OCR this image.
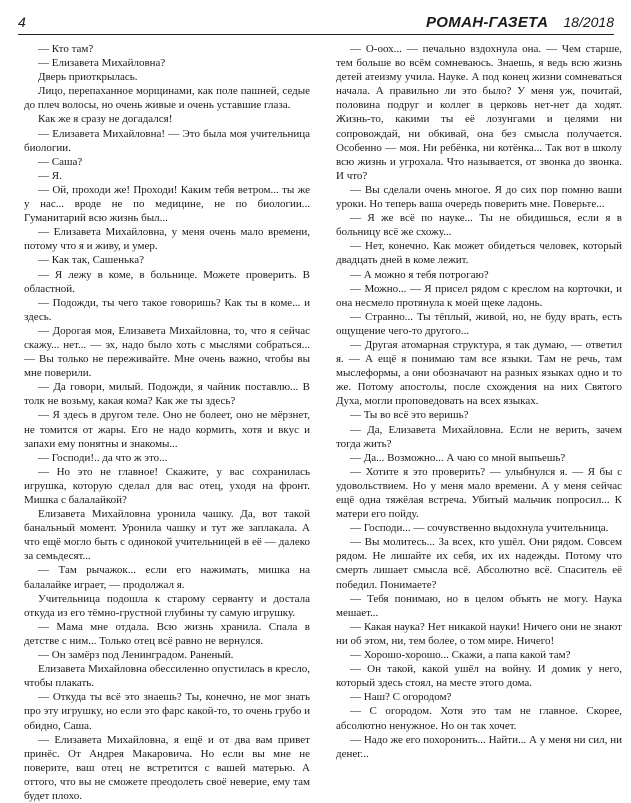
4	РОМАН-ГАЗЕТА 18/2018

— Кто там?

— Елизавета Михайловна?

Дверь приоткрылась.

Лицо, перепаханное морщинами, как поле пашней, седые до плеч волосы, но очень живые и очень уставшие глаза.

Как же я сразу не догадался!

— Елизавета Михайловна! — Это была моя учительница биологии.

— Саша?

— Я.

— Ой, проходи же! Проходи! Каким тебя ветром... ты же у нас... вроде не по медицине, не по биологии... Гуманитарий всю жизнь был...

— Елизавета Михайловна, у меня очень мало времени, потому что я и живу, и умер.

— Как так, Сашенька?

— Я лежу в коме, в больнице. Можете проверить. В областной.

— Подожди, ты чего такое говоришь? Как ты в коме... и здесь.

— Дорогая моя, Елизавета Михайловна, то, что я сейчас скажу... нет... — эх, надо было хоть с мыслями собраться... — Вы только не переживайте. Мне очень важно, чтобы вы мне поверили.

— Да говори, милый. Подожди, я чайник поставлю... В толк не возьму, какая кома? Как же ты здесь?

— Я здесь в другом теле. Оно не болеет, оно не мёрзнет, не томится от жары. Его не надо кормить, хотя и вкус и запахи ему понятны и знакомы...

— Господи!.. да что ж это...

— Но это не главное! Скажите, у вас сохранилась игрушка, которую сделал для вас отец, уходя на фронт. Мишка с балалайкой?

Елизавета Михайловна уронила чашку. Да, вот такой банальный момент. Уронила чашку и тут же заплакала. А что ещё могло быть с одинокой учительницей в её — далеко за семьдесят...

— Там рычажок... если его нажимать, мишка на балалайке играет, — продолжал я.

Учительница подошла к старому серванту и достала откуда из его тёмно-грустной глубины ту самую игрушку.

— Мама мне отдала. Всю жизнь хранила. Спала в детстве с ним... Только отец всё равно не вернулся.

— Он замёрз под Ленинградом. Раненый.

Елизавета Михайловна обессиленно опустилась в кресло, чтобы плакать.

— Откуда ты всё это знаешь? Ты, конечно, не мог знать про эту игрушку, но если это фарс какой-то, то очень грубо и обидно, Саша.

— Елизавета Михайловна, я ещё и от два вам привет принёс. От Андрея Макаровича. Но если вы мне не поверите, ваш отец не встретится с вашей матерью. А оттого, что вы не сможете преодолеть своё неверие, ему там будет плохо.

— О-оох... — печально вздохнула она. — Чем старше, тем больше во всём сомневаюсь. Знаешь, я ведь всю жизнь детей атеизму учила. Науке. А под конец жизни сомневаться начала. А правильно ли это было? У меня уж, почитай, половина подруг и коллег в церковь нет-нет да ходят. Жизнь-то, какими ты её лозунгами и целями ни сопровождай, ни обкивай, она без смысла получается. Особенно — моя. Ни ребёнка, ни котёнка... Так вот в школу всю жизнь и угрохала. Что называется, от звонка до звонка. И что?

— Вы сделали очень многое. Я до сих пор помню ваши уроки. Но теперь ваша очередь поверить мне. Поверьте...

— Я же всё по науке... Ты не обидишься, если я в больницу всё же схожу...

— Нет, конечно. Как может обидеться человек, который двадцать дней в коме лежит.

— А можно я тебя потрогаю?

— Можно... — Я присел рядом с креслом на корточки, и она несмело протянула к моей щеке ладонь.

— Странно... Ты тёплый, живой, но, не буду врать, есть ощущение чего-то другого...

— Другая атомарная структура, я так думаю, — ответил я. — А ещё я понимаю там все языки. Там не речь, там мыслеформы, а они обозначают на разных языках одно и то же. Потому апостолы, после схождения на них Святого Духа, могли проповедовать на всех языках.

— Ты во всё это веришь?

— Да, Елизавета Михайловна. Если не верить, зачем тогда жить?

— Да... Возможно... А чаю со мной выпьешь?

— Хотите я это проверить? — улыбнулся я. — Я бы с удовольствием. Но у меня мало времени. А у меня сейчас ещё одна тяжёлая встреча. Убитый мальчик попросил... К матери его пойду.

— Господи... — сочувственно выдохнула учительница.

— Вы молитесь... За всех, кто ушёл. Они рядом. Совсем рядом. Не лишайте их себя, их их надежды. Потому что смерть лишает смысла всё. Абсолютно всё. Спаситель её победил. Понимаете?

— Тебя понимаю, но в целом объять не могу. Наука мешает...

— Какая наука? Нет никакой науки! Ничего они не знают ни об этом, ни, тем более, о том мире. Ничего!

— Хорошо-хорошо... Скажи, а папа какой там?

— Он такой, какой ушёл на войну. И домик у него, который здесь стоял, на месте этого дома.

— Наш? С огородом?

— С огородом. Хотя это там не главное. Скорее, абсолютно ненужное. Но он так хочет.

— Надо же его похоронить... Найти... А у меня ни сил, ни денег...
